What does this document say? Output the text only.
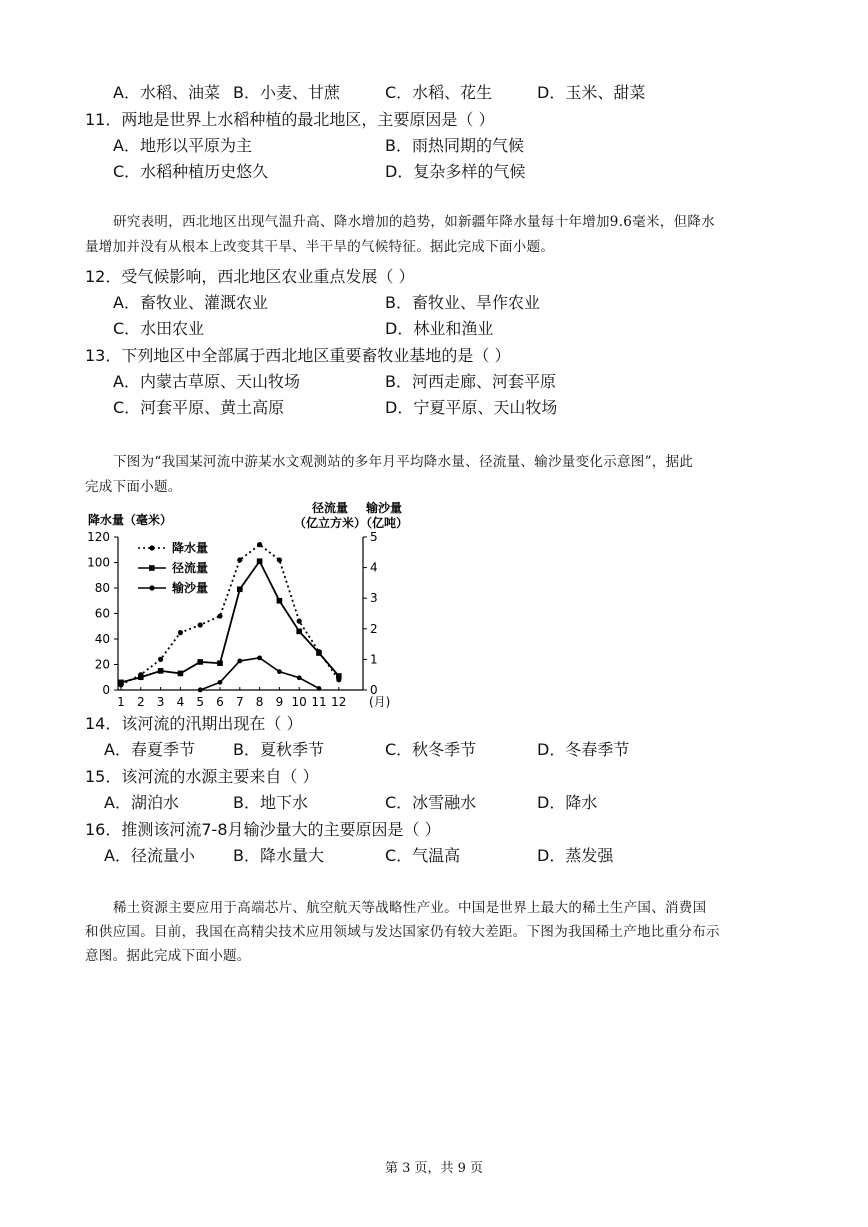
A．水稻、油菜 B．小麦、甘蔗	C．水稻、花生	D．玉米、甜菜
11．两地是世界上水稻种植的最北地区，主要原因是（ ）
A．地形以平原为主	B．雨热同期的气候
C．水稻种植历史悠久	D．复杂多样的气候
研究表明，西北地区出现气温升高、降水增加的趋势，如新疆年降水量每十年增加9.6毫米，但降水
量增加并没有从根本上改变其干旱、半干旱的气候特征。据此完成下面小题。
12．受气候影响，西北地区农业重点发展（ ）
A．畜牧业、灌溉农业	B．畜牧业、旱作农业
C．水田农业	D．林业和渔业
13．下列地区中全部属于西北地区重要畜牧业基地的是（ ）
A．内蒙古草原、天山牧场	B．河西走廊、河套平原
C．河套平原、黄土高原	D．宁夏平原、天山牧场
下图为“我国某河流中游某水文观测站的多年月平均降水量、径流量、输沙量变化示意图”，据此
完成下面小题。
0
20
40
60
80
100
120
0
1
2
3
4
5
1 2 3 4 5 6 7 8 9 10 11 12 (月)
降水量（毫米）
径流量
（亿立方米）
输沙量
（亿吨）
降水量
径流量
输沙量
14．该河流的汛期出现在（ ）
A．春夏季节 B．夏秋季节	C．秋冬季节	D．冬春季节
15．该河流的水源主要来自（ ）
A．湖泊水	B．地下水	C．冰雪融水	D．降水
16．推测该河流7-8月输沙量大的主要原因是（ ）
A．径流量小 B．降水量大	C．气温高	D．蒸发强
稀土资源主要应用于高端芯片、航空航天等战略性产业。中国是世界上最大的稀土生产国、消费国
和供应国。目前，我国在高精尖技术应用领域与发达国家仍有较大差距。下图为我国稀土产地比重分布示
意图。据此完成下面小题。
第 3 页，共 9 页
